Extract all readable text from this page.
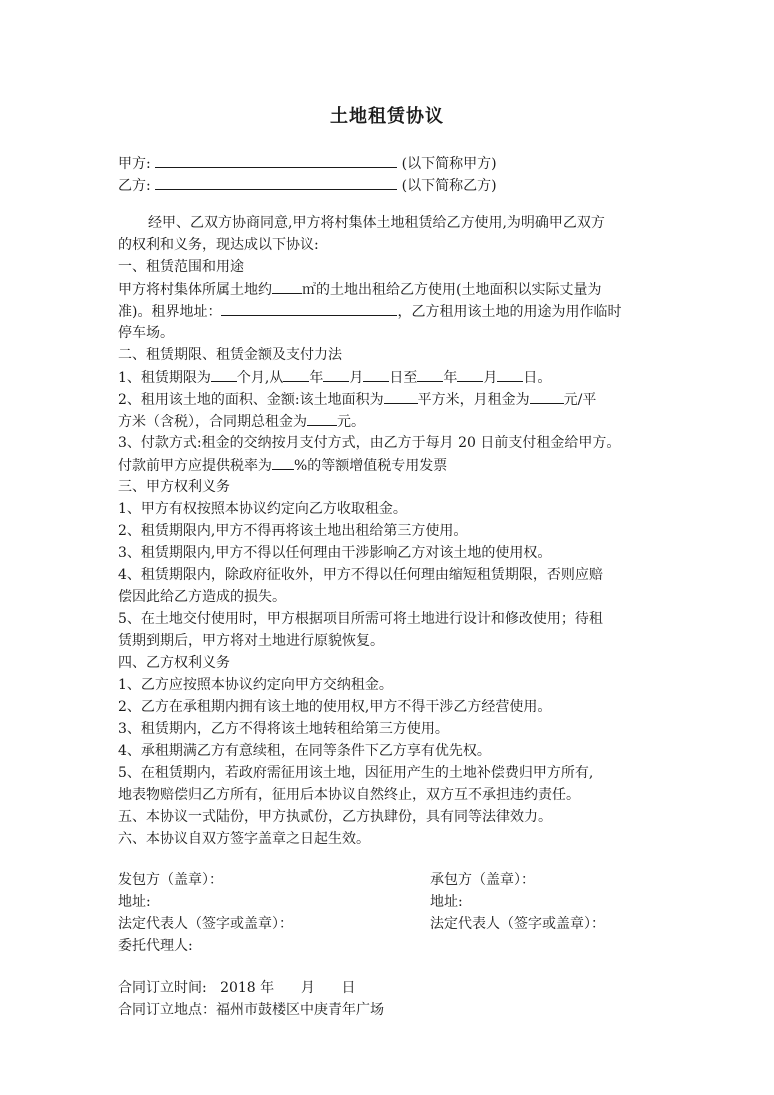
土地租赁协议
甲方:	(以下简称甲方)
乙方:	(以下简称乙方)
经甲、乙双方协商同意,甲方将村集体土地租赁给乙方使用,为明确甲乙双方
的权利和义务，现达成以下协议:
一、租赁范围和用途
甲方将村集体所属土地约 ㎡的土地出租给乙方使用(土地面积以实际丈量为
准)。租界地址：	，乙方租用该土地的用途为用作临时
停车场。
二、租赁期限、租赁金额及支付力法
1、租赁期限为 个月,从 年 月 日至 年 月 日。
2、租用该土地的面积、金额:该土地面积为 平方米，月租金为 元/平
方米（含税），合同期总租金为 元。
3、付款方式:租金的交纳按月支付方式，由乙方于每月 20 日前支付租金给甲方。
付款前甲方应提供税率为 %的等额增值税专用发票
三、甲方权利义务
1、甲方有权按照本协议约定向乙方收取租金。
2、租赁期限内,甲方不得再将该土地出租给第三方使用。
3、租赁期限内,甲方不得以任何理由干涉影响乙方对该土地的使用权。
4、租赁期限内，除政府征收外，甲方不得以任何理由缩短租赁期限，否则应赔
偿因此给乙方造成的损失。
5、在土地交付使用时，甲方根据项目所需可将土地进行设计和修改使用；待租
赁期到期后，甲方将对土地进行原貌恢复。
四、乙方权利义务
1、乙方应按照本协议约定向甲方交纳租金。
2、乙方在承租期内拥有该土地的使用权,甲方不得干涉乙方经营使用。
3、租赁期内，乙方不得将该土地转租给第三方使用。
4、承租期满乙方有意续租，在同等条件下乙方享有优先权。
5、在租赁期内，若政府需征用该土地，因征用产生的土地补偿费归甲方所有,
地表物赔偿归乙方所有，征用后本协议自然终止，双方互不承担违约责任。
五、本协议一式陆份，甲方执贰份，乙方执肆份，具有同等法律效力。
六、本协议自双方签字盖章之日起生效。
发包方（盖章）：	承包方（盖章）：
地址:	地址:
法定代表人（签字或盖章）：	法定代表人（签字或盖章）：
委托代理人:
合同订立时间:   2018 年      月      日
合同订立地点：福州市鼓楼区中庚青年广场
